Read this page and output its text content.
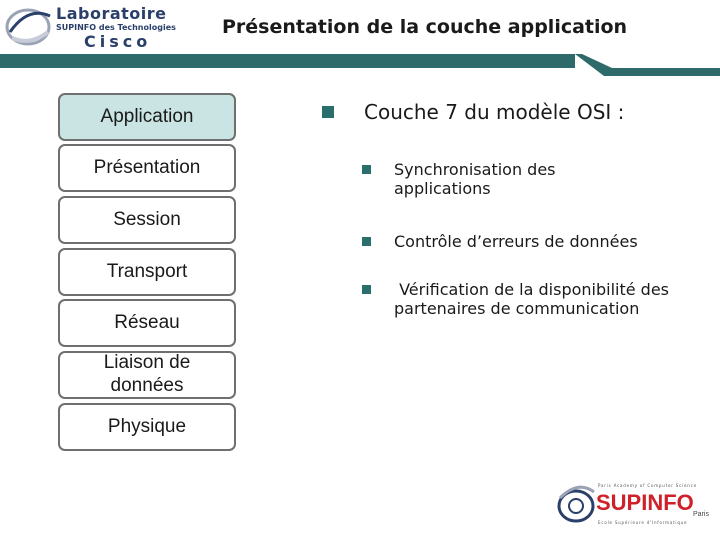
Laboratoire
SUPINFO des Technologies
Cisco
Présentation de la couche application
Application
Présentation
Session
Transport
Réseau
Liaison de données
Physique
Couche 7 du modèle OSI :
Synchronisation des applications
Contrôle d’erreurs de données
Vérification de la disponibilité des partenaires de communication
Paris Academy of Computer Science
SUPINFO Paris
Ecole Supérieure d'Informatique
